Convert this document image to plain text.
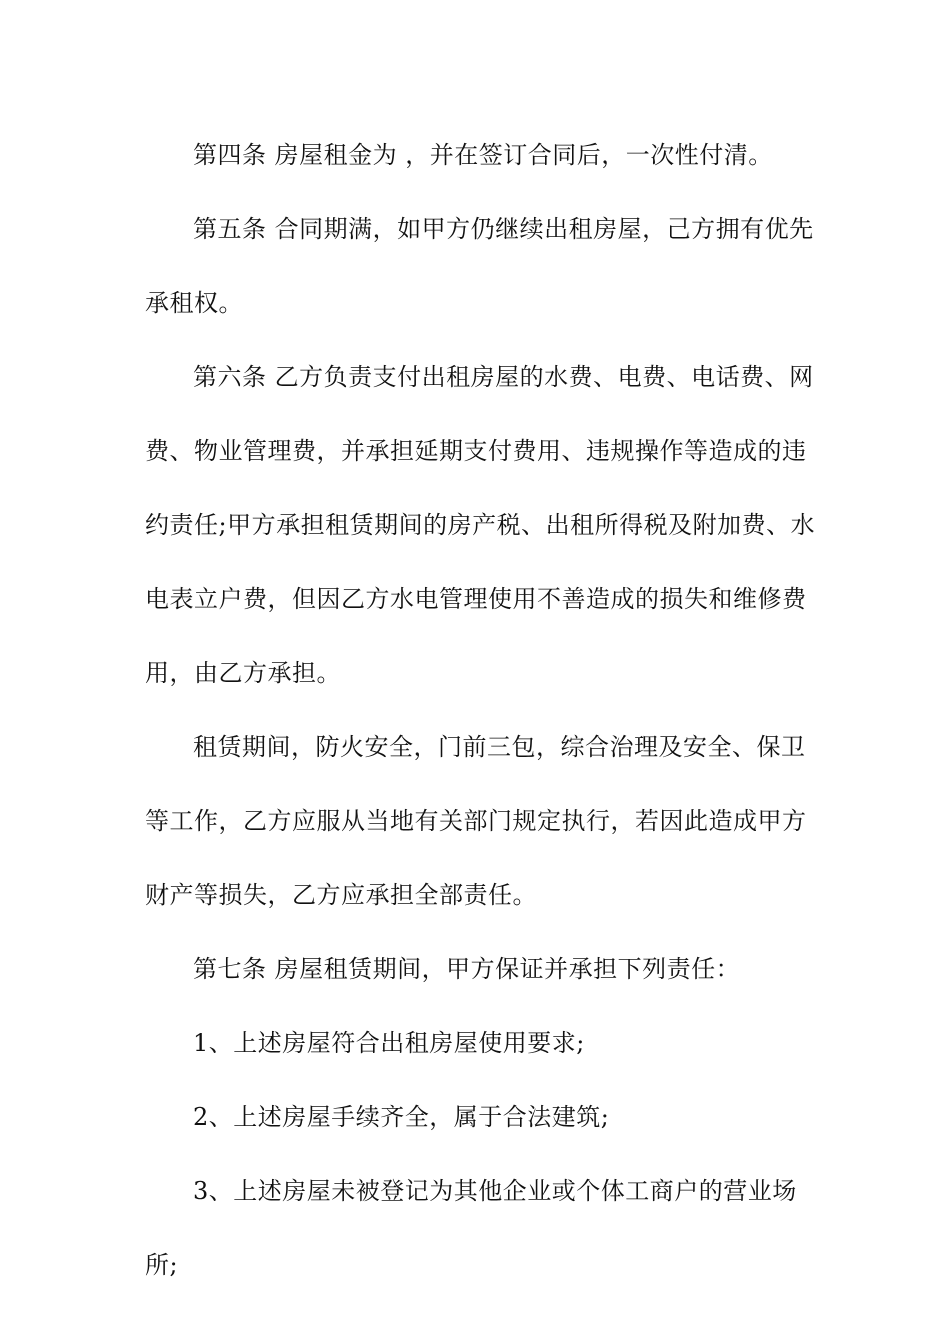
第四条 房屋租金为 ，并在签订合同后，一次性付清。

第五条 合同期满，如甲方仍继续出租房屋，己方拥有优先承租权。

第六条 乙方负责支付出租房屋的水费、电费、电话费、网费、物业管理费，并承担延期支付费用、违规操作等造成的违约责任;甲方承担租赁期间的房产税、出租所得税及附加费、水电表立户费，但因乙方水电管理使用不善造成的损失和维修费用，由乙方承担。

租赁期间，防火安全，门前三包，综合治理及安全、保卫等工作，乙方应服从当地有关部门规定执行，若因此造成甲方财产等损失，乙方应承担全部责任。

第七条 房屋租赁期间，甲方保证并承担下列责任：

1、上述房屋符合出租房屋使用要求;

2、上述房屋手续齐全，属于合法建筑;

3、上述房屋未被登记为其他企业或个体工商户的营业场所;
